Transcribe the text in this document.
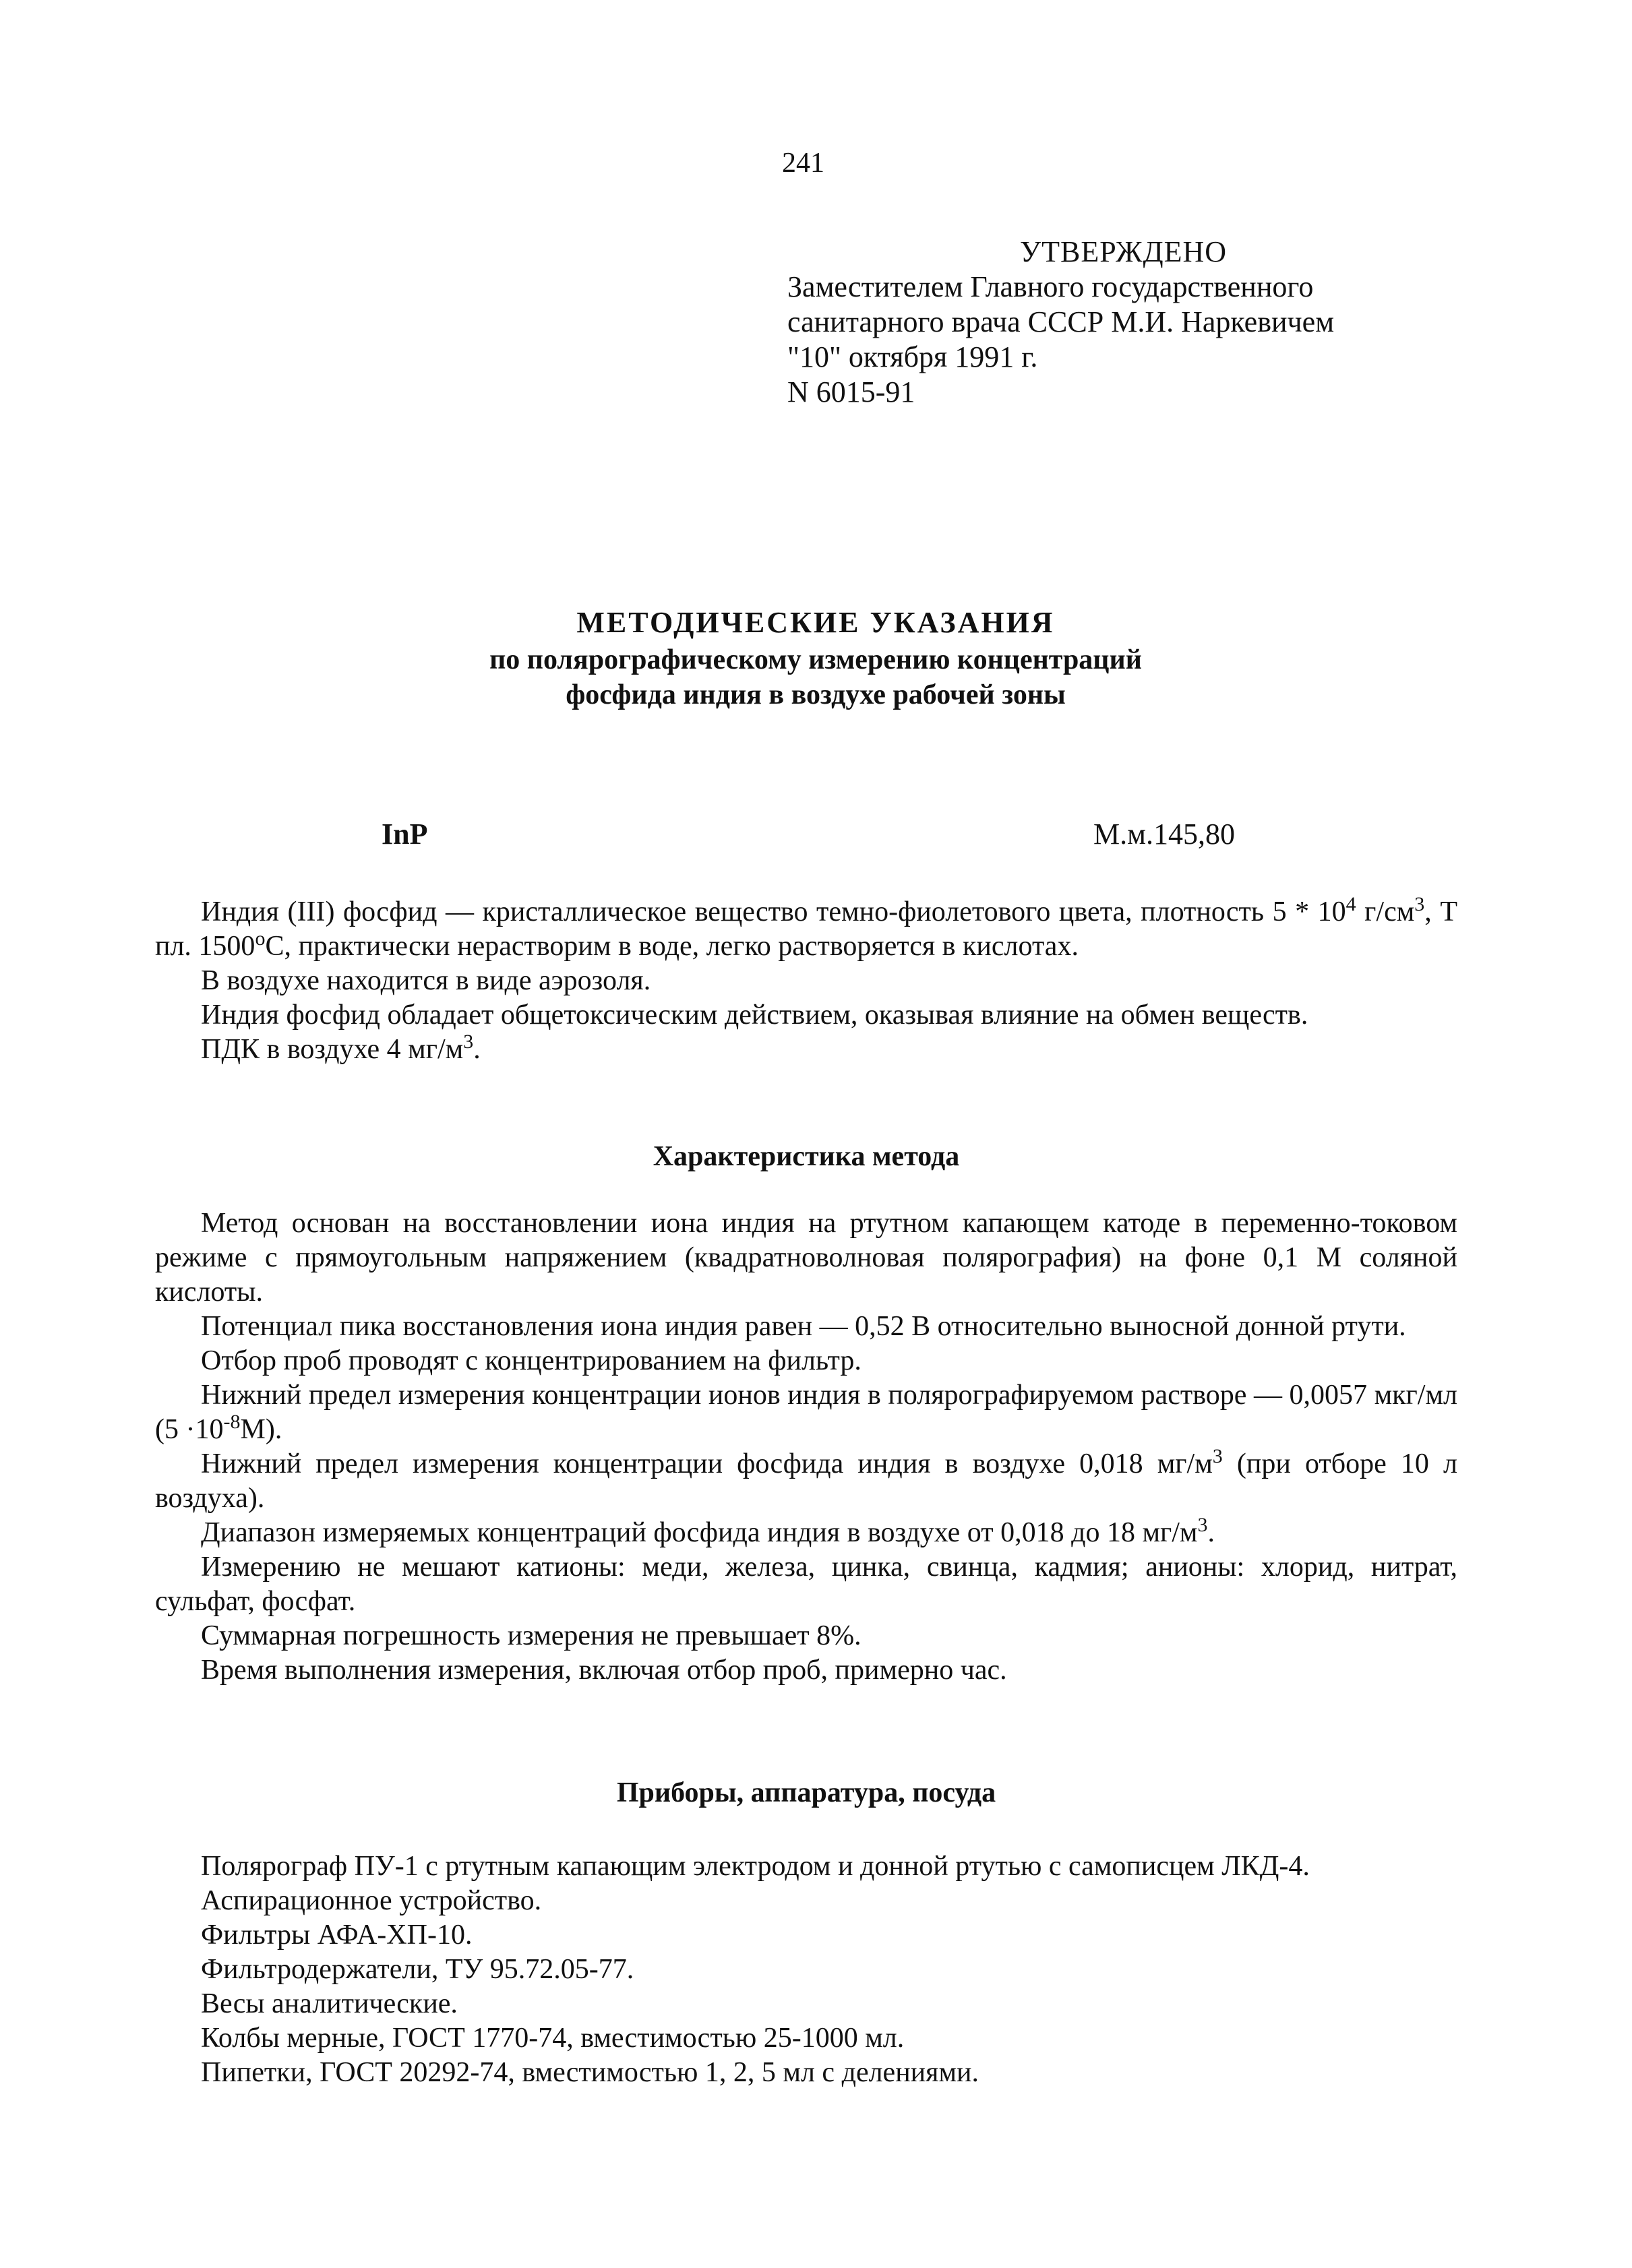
241
УТВЕРЖДЕНО
Заместителем Главного государственного
санитарного врача СССР М.И. Наркевичем
"10" октября 1991 г.
N 6015-91
МЕТОДИЧЕСКИЕ УКАЗАНИЯ
по полярографическому измерению концентраций
фосфида индия в воздухе рабочей зоны
InP	М.м.145,80

Индия (III) фосфид — кристаллическое вещество темно-фиолетового цвета, плотность $5 * 10^4$ $г/см^3$, Т пл. $1500^оС$, практически нерастворим в воде, легко растворяется в кислотах.

В воздухе находится в виде аэрозоля.

Индия фосфид обладает общетоксическим действием, оказывая влияние на обмен веществ.

ПДК в воздухе 4 $мг/м^3$.

Характеристика метода

Метод основан на восстановлении иона индия на ртутном капающем катоде в переменно-токовом режиме с прямоугольным напряжением (квадратноволновая полярография) на фоне 0,1 М соляной кислоты.

Потенциал пика восстановления иона индия равен — 0,52 В относительно выносной донной ртути.

Отбор проб проводят с концентрированием на фильтр.

Нижний предел измерения концентрации ионов индия в полярографируемом растворе — 0,0057 мкг/мл $(5 \cdot 10^{-8}М)$.

Нижний предел измерения концентрации фосфида индия в воздухе 0,018 $мг/м^3$ (при отборе 10 л воздуха).

Диапазон измеряемых концентраций фосфида индия в воздухе от 0,018 до 18 $мг/м^3$.

Измерению не мешают катионы: меди, железа, цинка, свинца, кадмия; анионы: хлорид, нитрат, сульфат, фосфат.

Суммарная погрешность измерения не превышает 8%.

Время выполнения измерения, включая отбор проб, примерно час.

Приборы, аппаратура, посуда
Полярограф ПУ-1 с ртутным капающим электродом и донной ртутью с самописцем ЛКД-4.
Аспирационное устройство.
Фильтры АФА-ХП-10.
Фильтродержатели, ТУ 95.72.05-77.
Весы аналитические.
Колбы мерные, ГОСТ 1770-74, вместимостью 25-1000 мл.
Пипетки, ГОСТ 20292-74, вместимостью 1, 2, 5 мл с делениями.
